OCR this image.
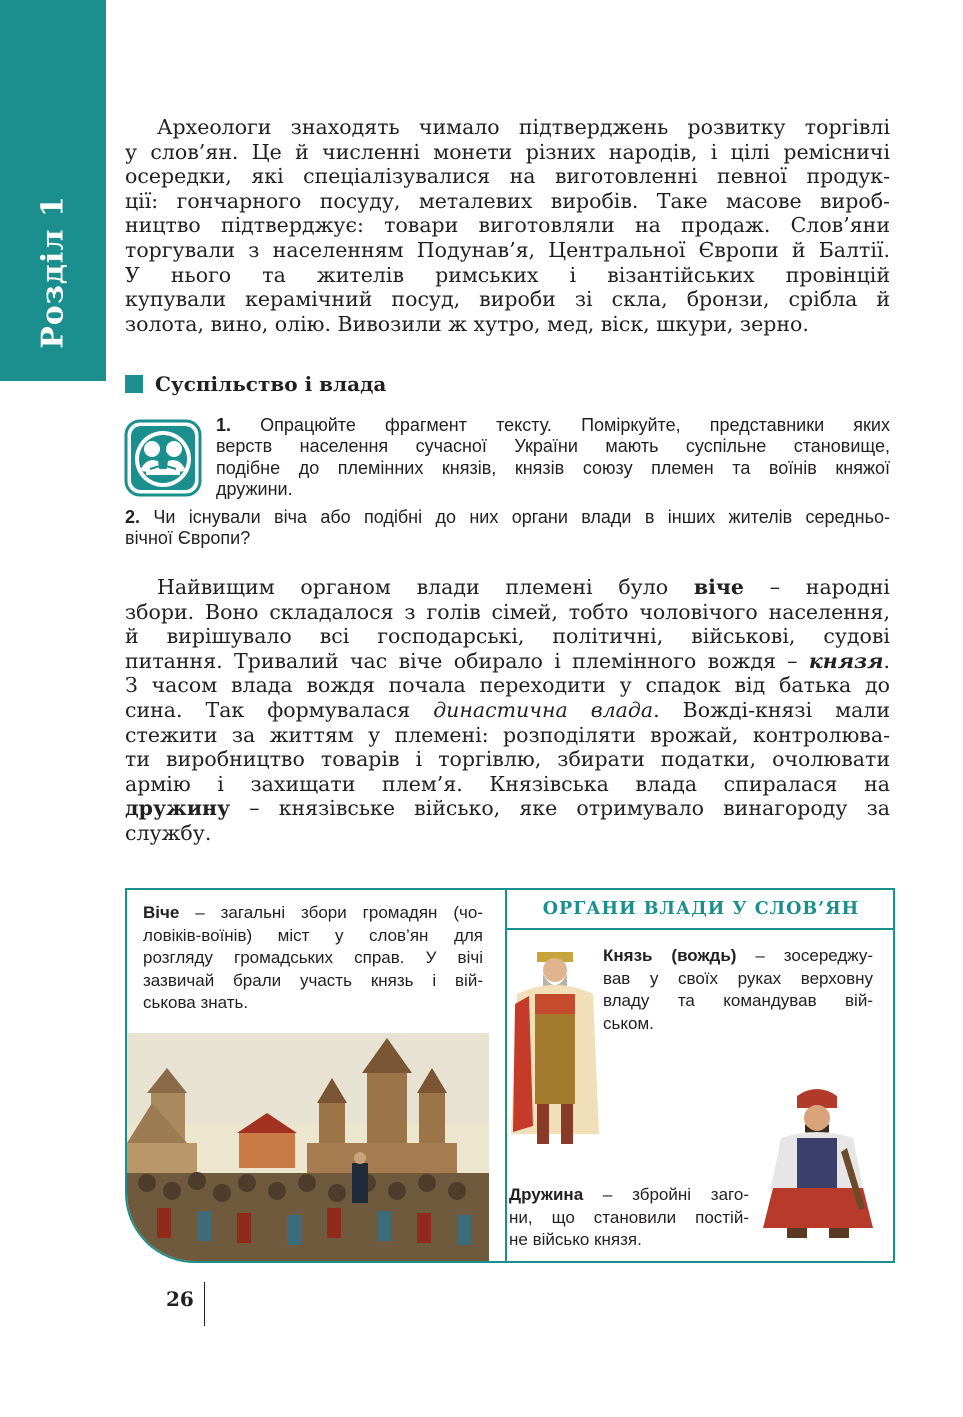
Розділ 1
Археологи знаходять чимало підтверджень розвитку торгівлі
у слов’ян. Це й численні монети різних народів, і цілі ремісничі
осередки, які спеціалізувалися на виготовленні певної продук-
ції: гончарного посуду, металевих виробів. Таке масове вироб-
ництво підтверджує: товари виготовляли на продаж. Слов’яни
торгували з населенням Подунав’я, Центральної Європи й Балтії.
У нього та жителів римських і візантійських провінцій
купували керамічний посуд, вироби зі скла, бронзи, срібла й
золота, вино, олію. Вивозили ж хутро, мед, віск, шкури, зерно.
Суспільство і влада
1. Опрацюйте фрагмент тексту. Поміркуйте, представники яких
верств населення сучасної України мають суспільне становище,
подібне до племінних князів, князів союзу племен та воїнів княжої
дружини.
2. Чи існували віча або подібні до них органи влади в інших жителів середньо-
вічної Європи?
Найвищим органом влади племені було віче – народні
збори. Воно складалося з голів сімей, тобто чоловічого населення,
й вирішувало всі господарські, політичні, військові, судові
питання. Тривалий час віче обирало і племінного вождя – князя.
З часом влада вождя почала переходити у спадок від батька до
сина. Так формувалася династична влада. Вожді-князі мали
стежити за життям у племені: розподіляти врожай, контролюва-
ти виробництво товарів і торгівлю, збирати податки, очолювати
армію і захищати плем’я. Князівська влада спиралася на
дружину – князівське військо, яке отримувало винагороду за
службу.
ОРГАНИ ВЛАДИ У СЛОВ’ЯН
Віче – загальні збори громадян (чо-
ловіків-воїнів) міст у слов’ян для
розгляду громадських справ. У вічі
зазвичай брали участь князь і вій-
ськова знать.
Князь (вождь) – зосереджу-
вав у своїх руках верховну
владу та командував вій-
ськом.
Дружина – збройні заго-
ни, що становили постій-
не військо князя.
26
